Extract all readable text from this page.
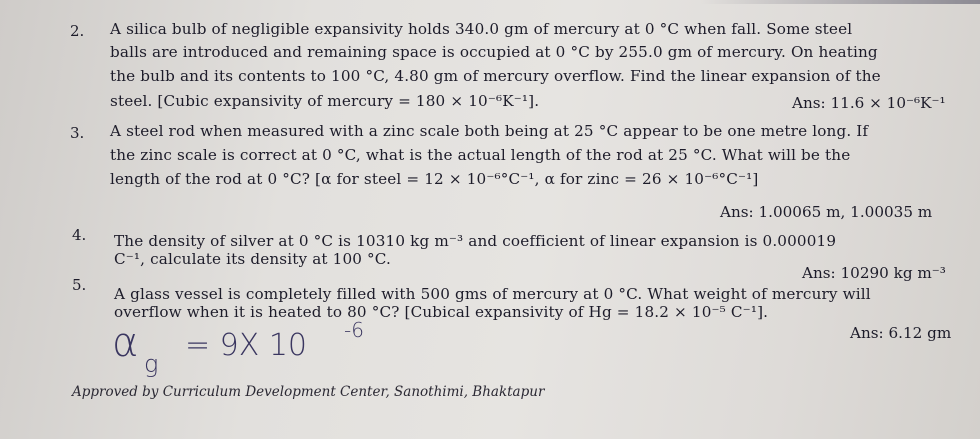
2. A silica bulb of negligible expansivity holds 340.0 gm of mercury at 0 °C when fall. Some steel
balls are introduced and remaining space is occupied at 0 °C by 255.0 gm of mercury. On heating
the bulb and its contents to 100 °C, 4.80 gm of mercury overflow. Find the linear expansion of the
steel. [Cubic expansivity of mercury = 180 × 10⁻⁶K⁻¹].	Ans: 11.6 × 10⁻⁶K⁻¹
3. A steel rod when measured with a zinc scale both being at 25 °C appear to be one metre long. If
the zinc scale is correct at 0 °C, what is the actual length of the rod at 25 °C. What will be the
length of the rod at 0 °C? [α for steel = 12 × 10⁻⁶°C⁻¹, α for zinc = 26 × 10⁻⁶°C⁻¹]
Ans: 1.00065 m, 1.00035 m
4. The density of silver at 0 °C is 10310 kg m⁻³ and coefficient of linear expansion is 0.000019
C⁻¹, calculate its density at 100 °C.
Ans: 10290 kg m⁻³
5. A glass vessel is completely filled with 500 gms of mercury at 0 °C. What weight of mercury will
overflow when it is heated to 80 °C? [Cubical expansivity of Hg = 18.2 × 10⁻⁵ C⁻¹].
Ans: 6.12 gm
α g
= 9X 10 -6
Approved by Curriculum Development Center, Sanothimi, Bhaktapur
